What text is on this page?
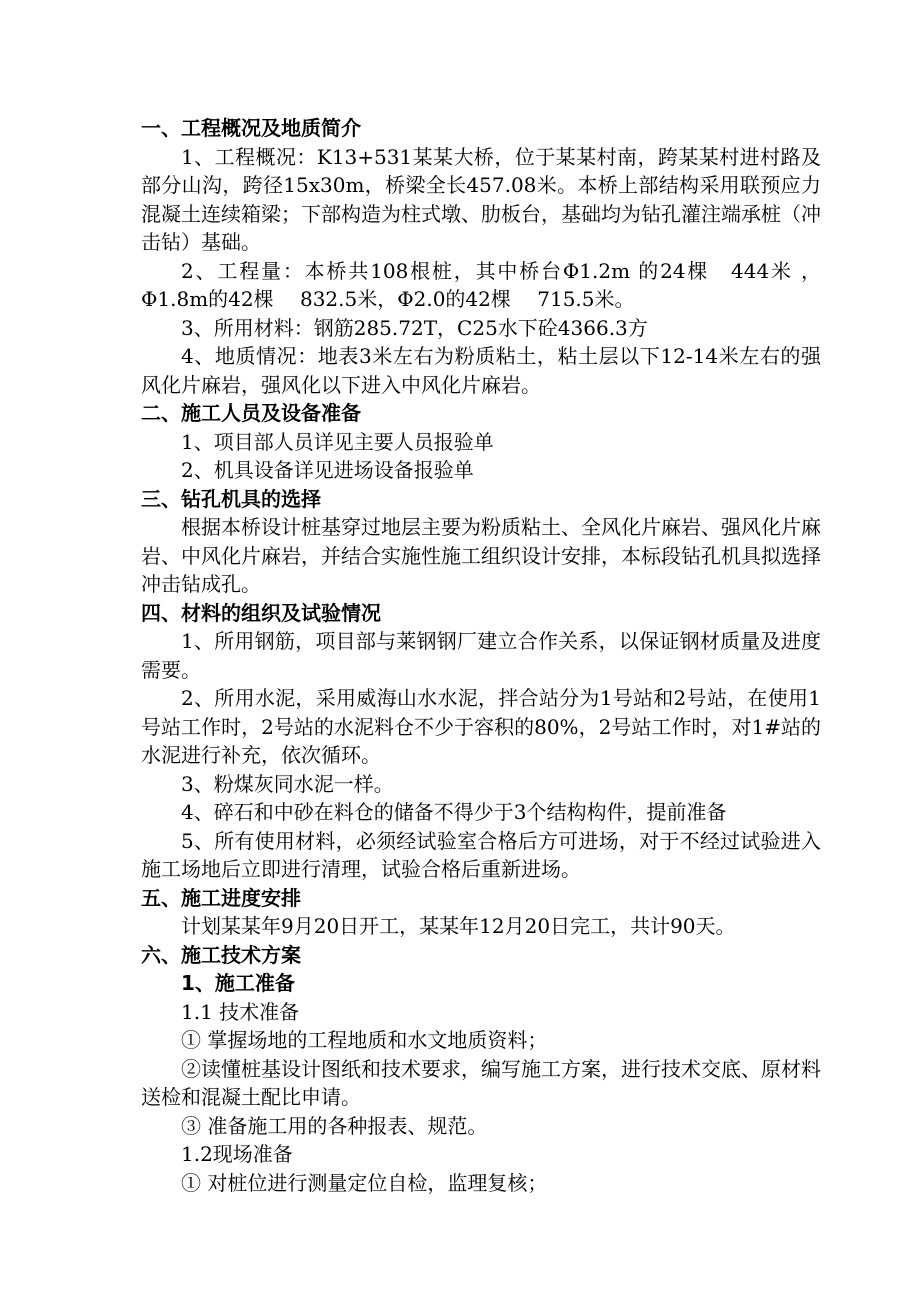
一、工程概况及地质简介

1、工程概况：K13+531某某大桥，位于某某村南，跨某某村进村路及部分山沟，跨径15x30m，桥梁全长457.08米。本桥上部结构采用联预应力混凝土连续箱梁；下部构造为柱式墩、肋板台，基础均为钻孔灌注端承桩（冲击钻）基础。

2、工程量：本桥共108根桩，其中桥台Φ1.2m 的24棵　444米 ，Φ1.8m的42棵　 832.5米，Φ2.0的42棵　 715.5米。

3、所用材料：钢筋285.72T，C25水下砼4366.3方

4、地质情况：地表3米左右为粉质粘土，粘土层以下12-14米左右的强风化片麻岩，强风化以下进入中风化片麻岩。

二、施工人员及设备准备

1、项目部人员详见主要人员报验单

2、机具设备详见进场设备报验单

三、钻孔机具的选择

根据本桥设计桩基穿过地层主要为粉质粘土、全风化片麻岩、强风化片麻岩、中风化片麻岩，并结合实施性施工组织设计安排，本标段钻孔机具拟选择冲击钻成孔。

四、材料的组织及试验情况

1、所用钢筋，项目部与莱钢钢厂建立合作关系，以保证钢材质量及进度需要。

2、所用水泥，采用威海山水水泥，拌合站分为1号站和2号站，在使用1号站工作时，2号站的水泥料仓不少于容积的80%，2号站工作时，对1#站的水泥进行补充，依次循环。

3、粉煤灰同水泥一样。

4、碎石和中砂在料仓的储备不得少于3个结构构件，提前准备

5、所有使用材料，必须经试验室合格后方可进场，对于不经过试验进入施工场地后立即进行清理，试验合格后重新进场。

五、施工进度安排

计划某某年9月20日开工，某某年12月20日完工，共计90天。

六、施工技术方案

1、施工准备

1.1 技术准备

① 掌握场地的工程地质和水文地质资料；

②读懂桩基设计图纸和技术要求，编写施工方案，进行技术交底、原材料送检和混凝土配比申请。

③ 准备施工用的各种报表、规范。

1.2现场准备

① 对桩位进行测量定位自检，监理复核；
